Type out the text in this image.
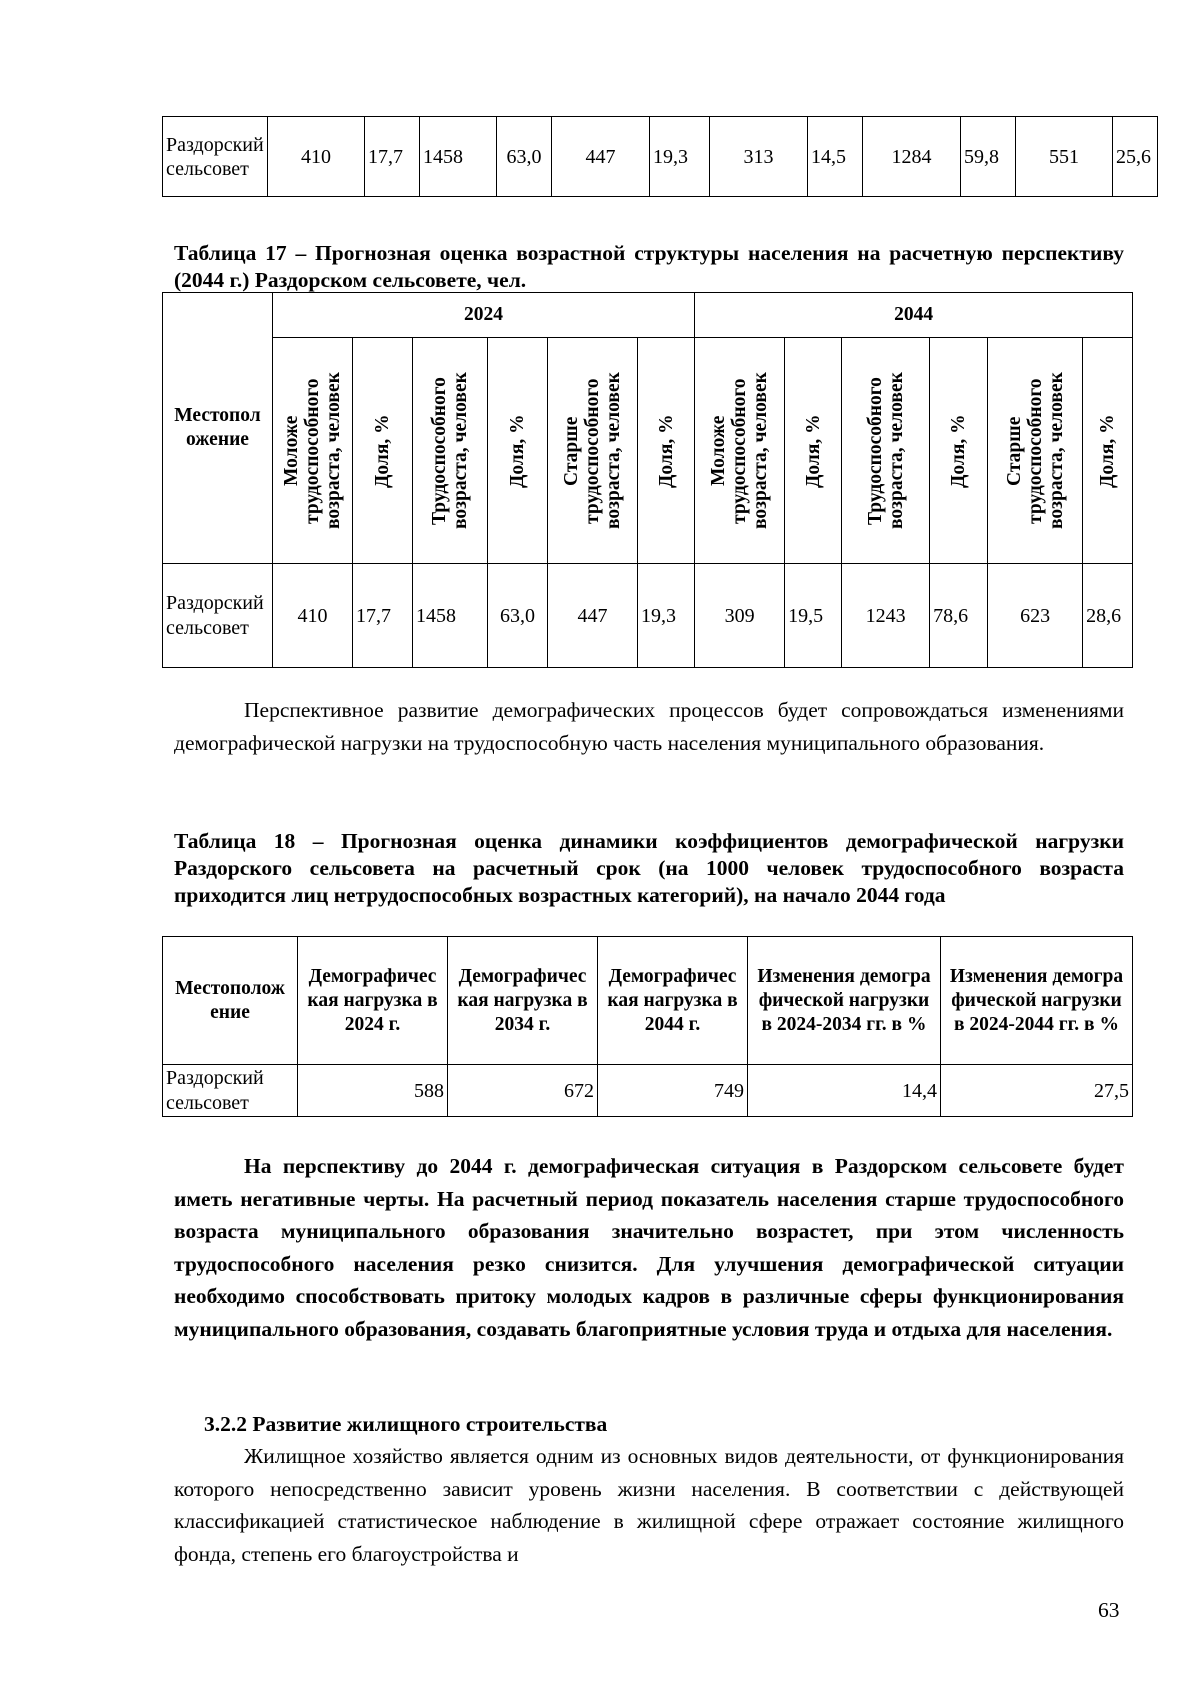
Раздорский сельсовет	410	17,7	1458	63,0	447	19,3	313	14,5	1284	59,8	551	25,6
Таблица 17 – Прогнозная оценка возрастной структуры населения на расчетную перспективу (2044 г.) Раздорском сельсовете, чел.
Местоположение	2024						2044					

	Моложе трудоспособного возраста, человек	Доля, %	Трудоспособного возраста, человек	Доля, %	Старше трудоспособного возраста, человек	Доля, %	Моложе трудоспособного возраста, человек	Доля, %	Трудоспособного возраста, человек	Доля, %	Старше трудоспособного возраста, человек	Доля, %

Раздорский сельсовет	410	17,7	1458	63,0	447	19,3	309	19,5	1243	78,6	623	28,6
Перспективное развитие демографических процессов будет сопровождаться изменениями демографической нагрузки на трудоспособную часть населения муниципального образования.
Таблица 18 – Прогнозная оценка динамики коэффициентов демографической нагрузки Раздорского сельсовета на расчетный срок (на 1000 человек трудоспособного возраста приходится лиц нетрудоспособных возрастных категорий), на начало 2044 года
Местоположение	Демографическая нагрузка в 2024 г.	Демографическая нагрузка в 2034 г.	Демографическая нагрузка в 2044 г.	Изменения демографической нагрузки в 2024-2034 гг. в %	Изменения демографической нагрузки в 2024-2044 гг. в %
Раздорский сельсовет	588	672	749	14,4	27,5
На перспективу до 2044 г. демографическая ситуация в Раздорском сельсовете будет иметь негативные черты. На расчетный период показатель населения старше трудоспособного возраста муниципального образования значительно возрастет, при этом численность трудоспособного населения резко снизится. Для улучшения демографической ситуации необходимо способствовать притоку молодых кадров в различные сферы функционирования муниципального образования, создавать благоприятные условия труда и отдыха для населения.
3.2.2 Развитие жилищного строительства
Жилищное хозяйство является одним из основных видов деятельности, от функционирования которого непосредственно зависит уровень жизни населения. В соответствии с действующей классификацией статистическое наблюдение в жилищной сфере отражает состояние жилищного фонда, степень его благоустройства и
63
